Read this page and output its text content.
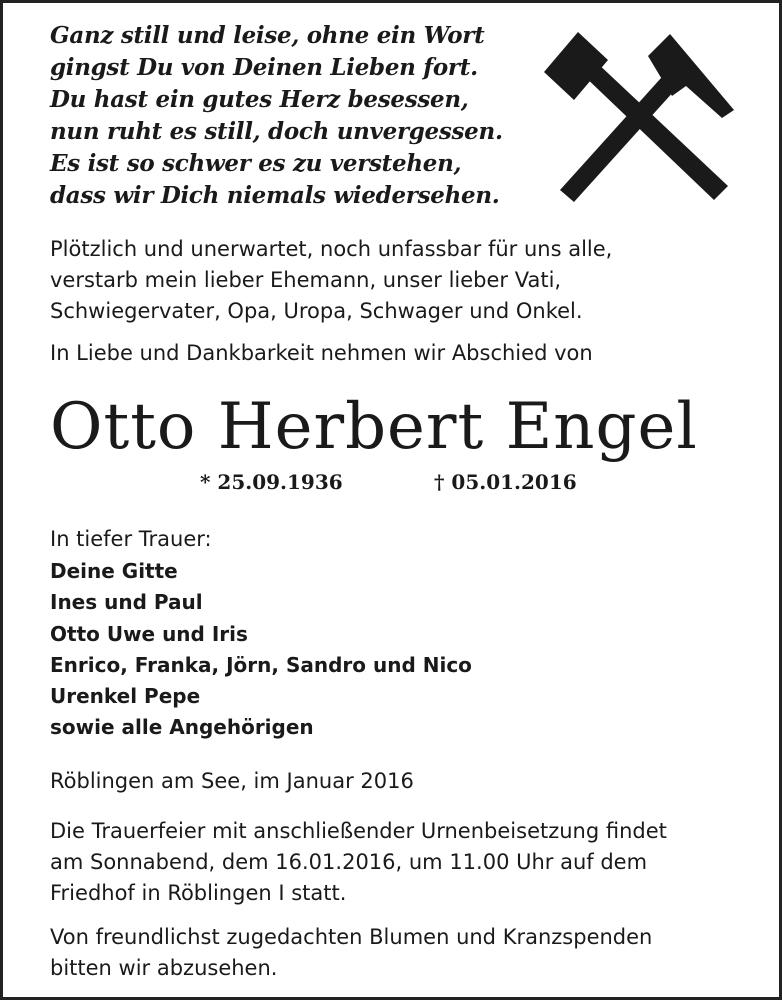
Ganz still und leise, ohne ein Wort
gingst Du von Deinen Lieben fort.
Du hast ein gutes Herz besessen,
nun ruht es still, doch unvergessen.
Es ist so schwer es zu verstehen,
dass wir Dich niemals wiedersehen.
Plötzlich und unerwartet, noch unfassbar für uns alle,
verstarb mein lieber Ehemann, unser lieber Vati,
Schwiegervater, Opa, Uropa, Schwager und Onkel.
In Liebe und Dankbarkeit nehmen wir Abschied von
Otto Herbert Engel
* 25.09.1936	† 05.01.2016
In tiefer Trauer:
Deine Gitte
Ines und Paul
Otto Uwe und Iris
Enrico, Franka, Jörn, Sandro und Nico
Urenkel Pepe
sowie alle Angehörigen
Röblingen am See, im Januar 2016
Die Trauerfeier mit anschließender Urnenbeisetzung findet
am Sonnabend, dem 16.01.2016, um 11.00 Uhr auf dem
Friedhof in Röblingen I statt.
Von freundlichst zugedachten Blumen und Kranzspenden
bitten wir abzusehen.
